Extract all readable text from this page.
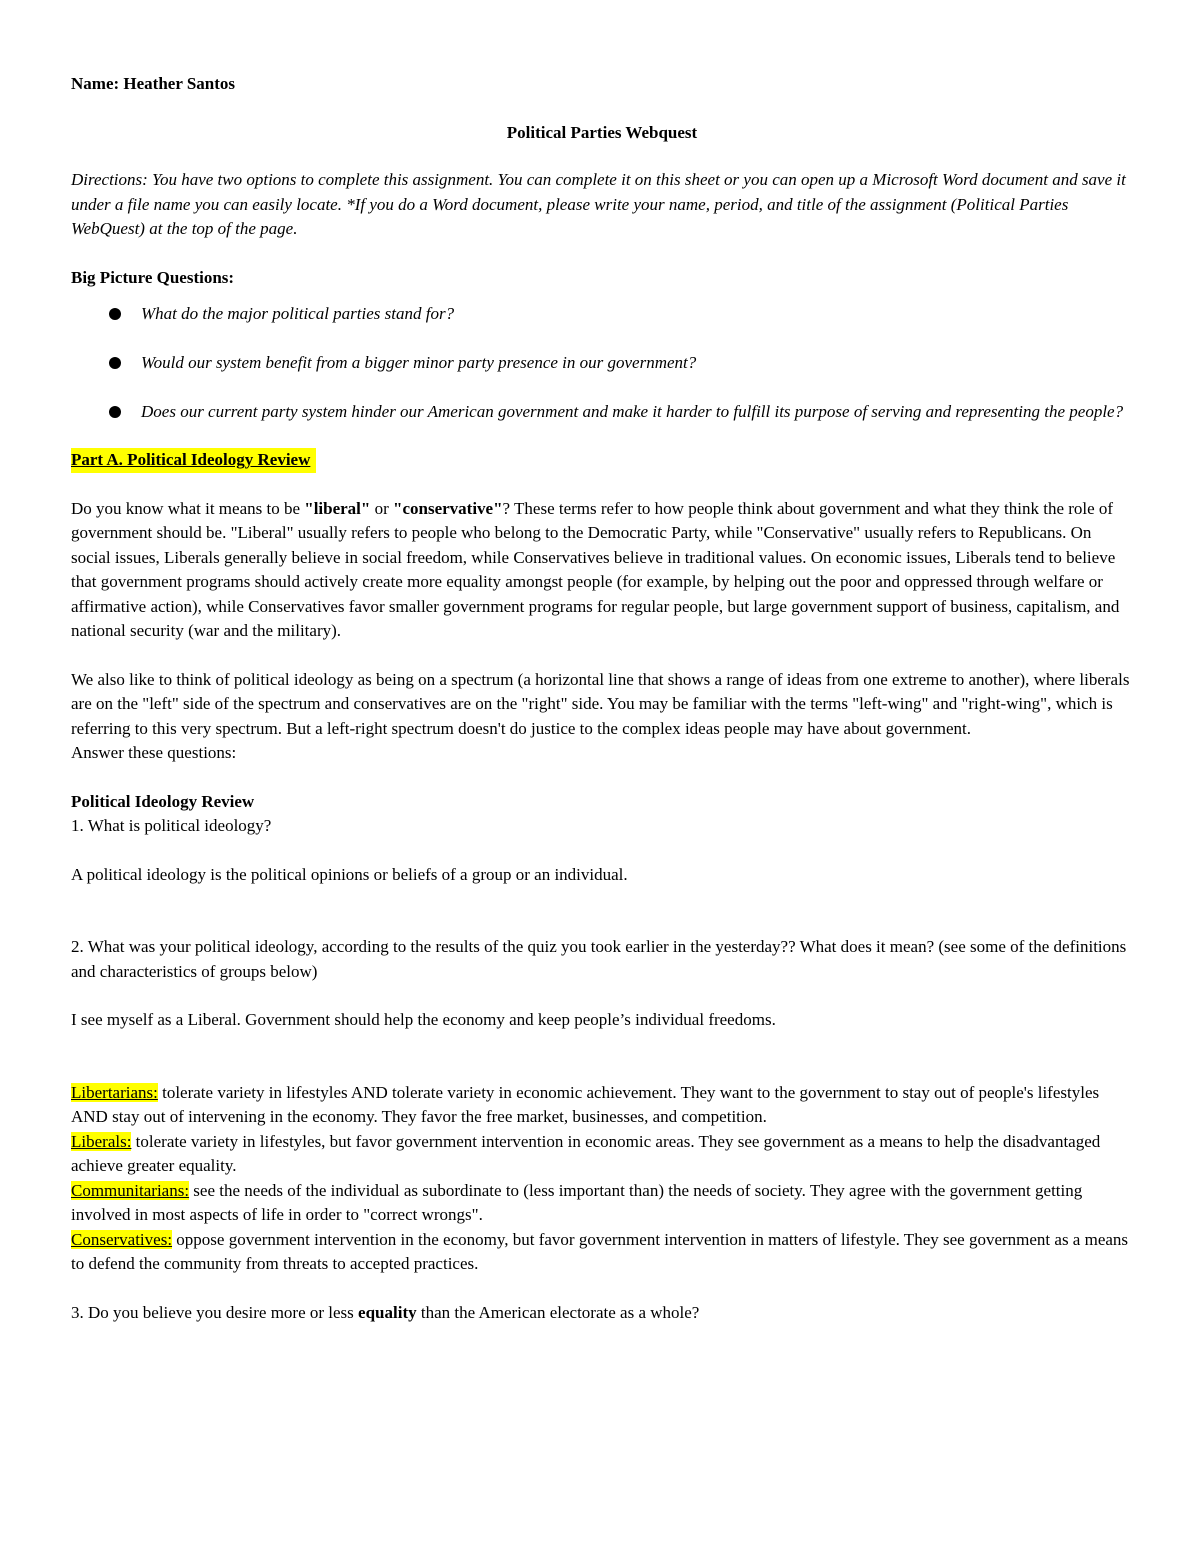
Name: Heather Santos

Political Parties Webquest

Directions: You have two options to complete this assignment. You can complete it on this sheet or you can open up a Microsoft Word document and save it under a file name you can easily locate. *If you do a Word document, please write your name, period, and title of the assignment (Political Parties WebQuest) at the top of the page.

Big Picture Questions:

What do the major political parties stand for?
Would our system benefit from a bigger minor party presence in our government?
Does our current party system hinder our American government and make it harder to fulfill its purpose of serving and representing the people?
Part A. Political Ideology Review

Do you know what it means to be "liberal" or "conservative"? These terms refer to how people think about government and what they think the role of government should be. "Liberal" usually refers to people who belong to the Democratic Party, while "Conservative" usually refers to Republicans. On social issues, Liberals generally believe in social freedom, while Conservatives believe in traditional values. On economic issues, Liberals tend to believe that government programs should actively create more equality amongst people (for example, by helping out the poor and oppressed through welfare or affirmative action), while Conservatives favor smaller government programs for regular people, but large government support of business, capitalism, and national security (war and the military).

We also like to think of political ideology as being on a spectrum (a horizontal line that shows a range of ideas from one extreme to another), where liberals are on the "left" side of the spectrum and conservatives are on the "right" side. You may be familiar with the terms "left-wing" and "right-wing", which is referring to this very spectrum. But a left-right spectrum doesn't do justice to the complex ideas people may have about government.

Answer these questions:

Political Ideology Review

1. What is political ideology?

A political ideology is the political opinions or beliefs of a group or an individual.

2. What was your political ideology, according to the results of the quiz you took earlier in the yesterday?? What does it mean? (see some of the definitions and characteristics of groups below)

I see myself as a Liberal. Government should help the economy and keep people’s individual freedoms.

Libertarians: tolerate variety in lifestyles AND tolerate variety in economic achievement. They want to the government to stay out of people's lifestyles AND stay out of intervening in the economy. They favor the free market, businesses, and competition.

Liberals: tolerate variety in lifestyles, but favor government intervention in economic areas. They see government as a means to help the disadvantaged achieve greater equality.

Communitarians: see the needs of the individual as subordinate to (less important than) the needs of society. They agree with the government getting involved in most aspects of life in order to "correct wrongs".

Conservatives: oppose government intervention in the economy, but favor government intervention in matters of lifestyle. They see government as a means to defend the community from threats to accepted practices.

3. Do you believe you desire more or less equality than the American electorate as a whole?
